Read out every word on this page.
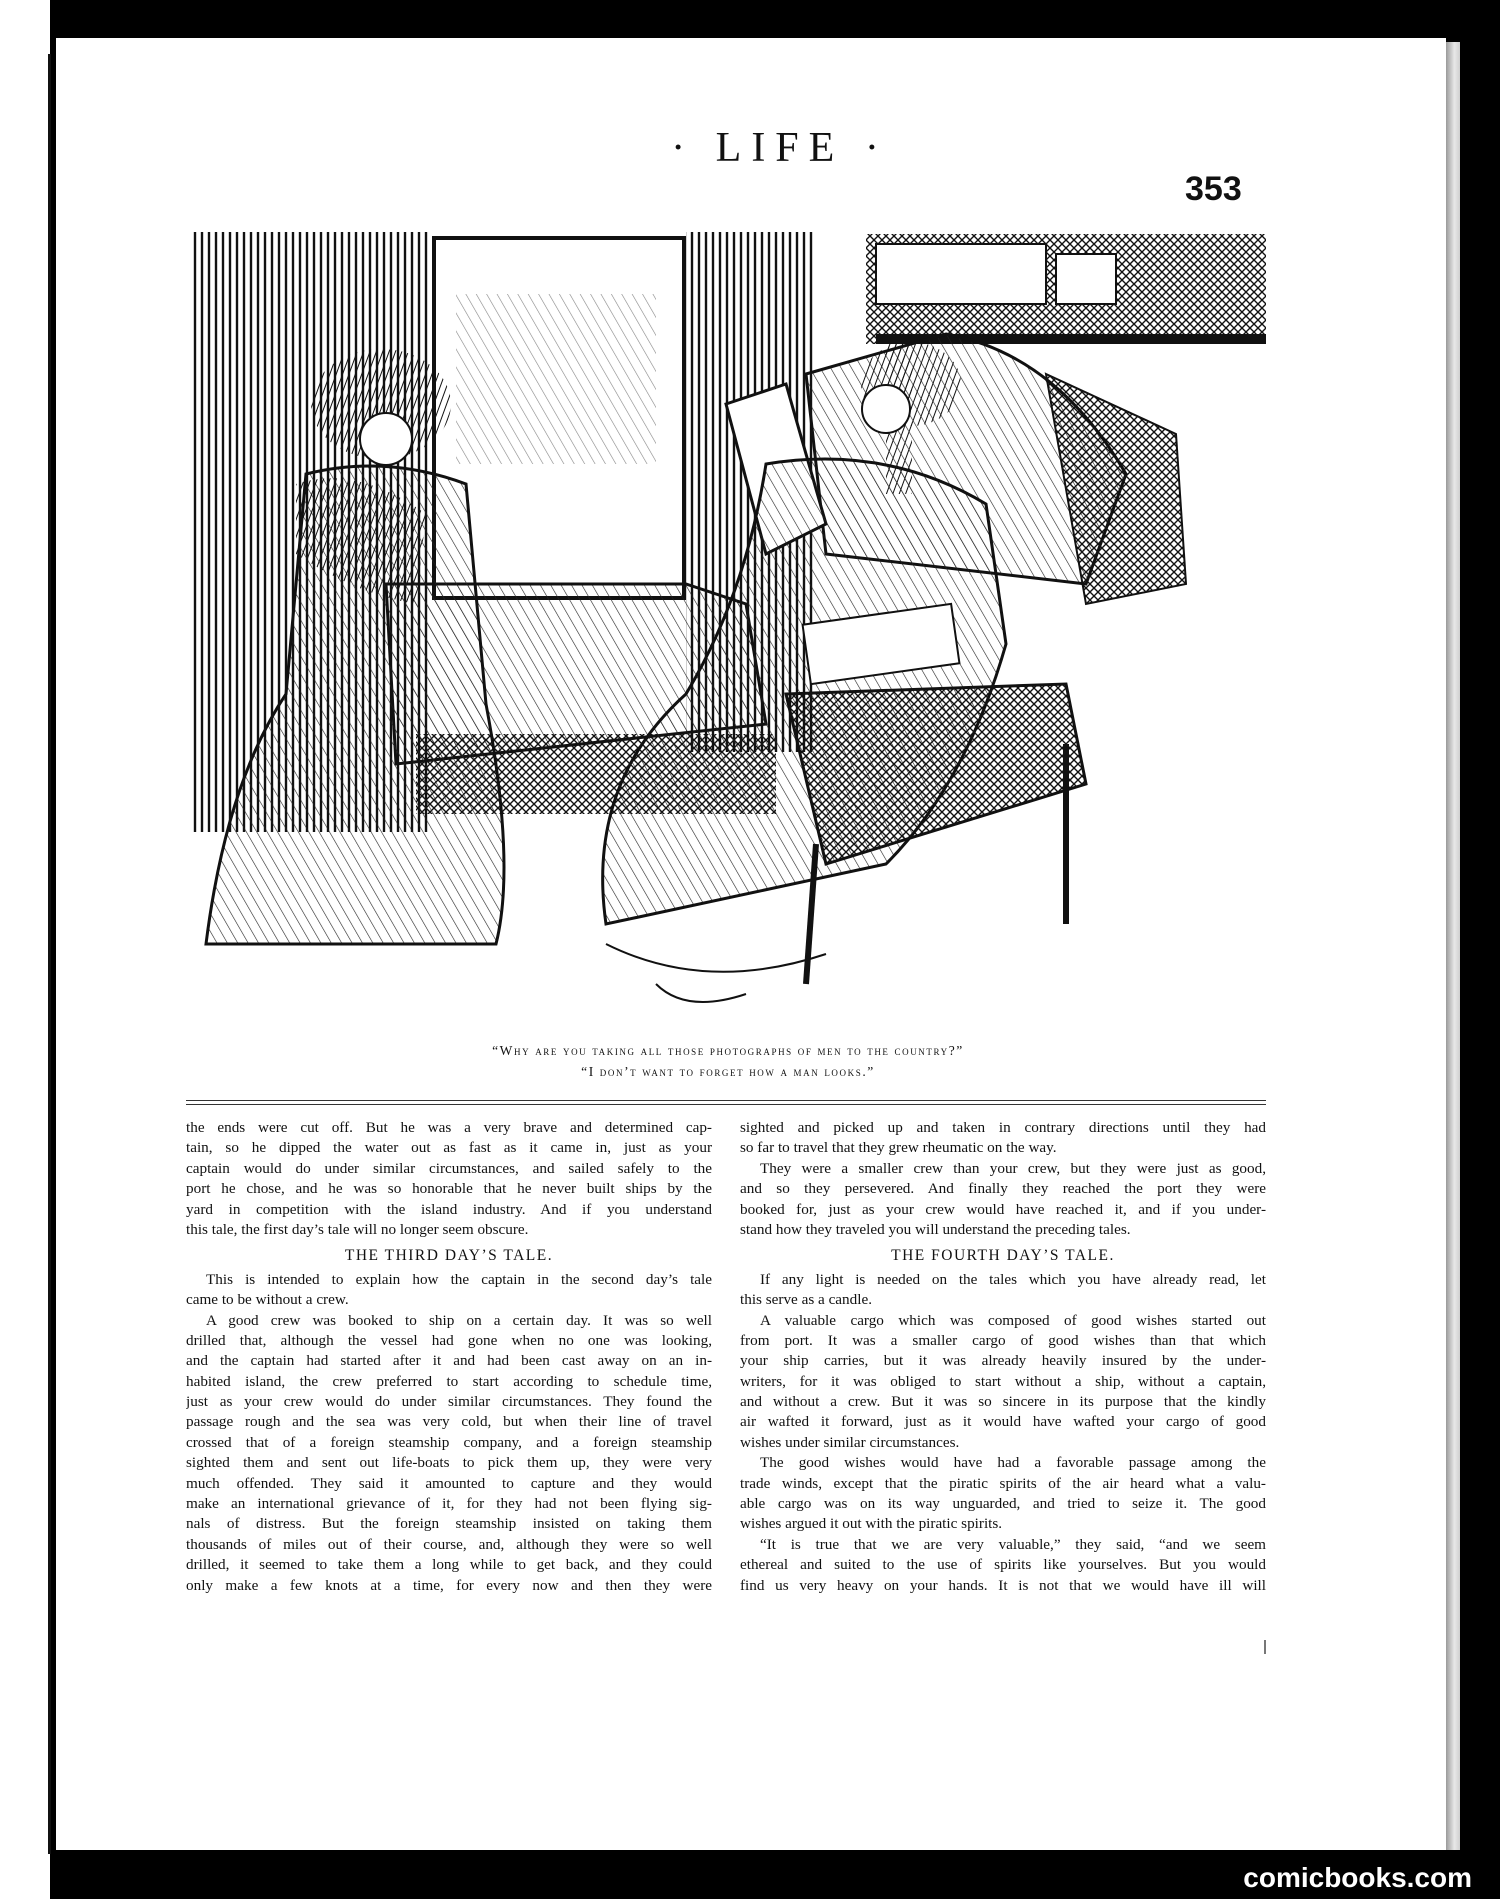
· LIFE ·
353
“Why are you taking all those photographs of men to the country?”
“I don’t want to forget how a man looks.”
the ends were cut off. But he was a very brave and determined cap-
tain, so he dipped the water out as fast as it came in, just as your
captain would do under similar circumstances, and sailed safely to the
port he chose, and he was so honorable that he never built ships by the
yard in competition with the island industry. And if you understand
this tale, the first day’s tale will no longer seem obscure.
THE THIRD DAY’S TALE.
This is intended to explain how the captain in the second day’s tale
came to be without a crew.
A good crew was booked to ship on a certain day. It was so well
drilled that, although the vessel had gone when no one was looking,
and the captain had started after it and had been cast away on an in-
habited island, the crew preferred to start according to schedule time,
just as your crew would do under similar circumstances. They found the
passage rough and the sea was very cold, but when their line of travel
crossed that of a foreign steamship company, and a foreign steamship
sighted them and sent out life-boats to pick them up, they were very
much offended. They said it amounted to capture and they would
make an international grievance of it, for they had not been flying sig-
nals of distress. But the foreign steamship insisted on taking them
thousands of miles out of their course, and, although they were so well
drilled, it seemed to take them a long while to get back, and they could
only make a few knots at a time, for every now and then they were
sighted and picked up and taken in contrary directions until they had
so far to travel that they grew rheumatic on the way.
They were a smaller crew than your crew, but they were just as good,
and so they persevered. And finally they reached the port they were
booked for, just as your crew would have reached it, and if you under-
stand how they traveled you will understand the preceding tales.
THE FOURTH DAY’S TALE.
If any light is needed on the tales which you have already read, let
this serve as a candle.
A valuable cargo which was composed of good wishes started out
from port. It was a smaller cargo of good wishes than that which
your ship carries, but it was already heavily insured by the under-
writers, for it was obliged to start without a ship, without a captain,
and without a crew. But it was so sincere in its purpose that the kindly
air wafted it forward, just as it would have wafted your cargo of good
wishes under similar circumstances.
The good wishes would have had a favorable passage among the
trade winds, except that the piratic spirits of the air heard what a valu-
able cargo was on its way unguarded, and tried to seize it. The good
wishes argued it out with the piratic spirits.
“It is true that we are very valuable,” they said, “and we seem
ethereal and suited to the use of spirits like yourselves. But you would
find us very heavy on your hands. It is not that we would have ill will
comicbooks.com
